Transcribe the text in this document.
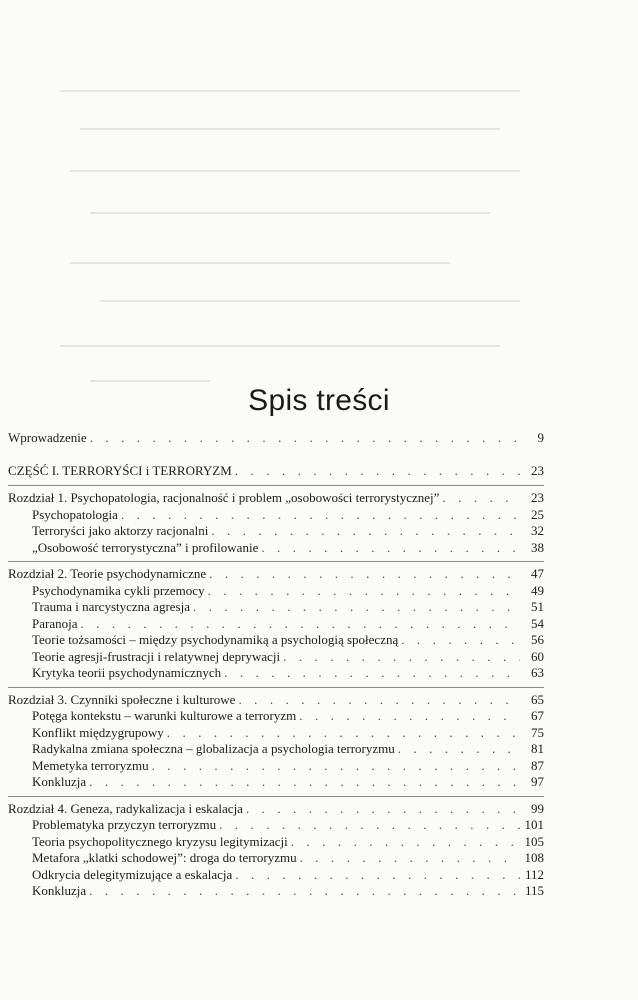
Spis treści
Wprowadzenie . . .	9
CZĘŚĆ I. TERRORYŚCI i TERRORYZM . . .	23
Rozdział 1. Psychopatologia, racjonalność i problem „osobowości terrorystycznej” . . .	23
Psychopatologia . . .	25
Terroryści jako aktorzy racjonalni . . .	32
„Osobowość terrorystyczna” i profilowanie . . .	38
Rozdział 2. Teorie psychodynamiczne . . .	47
Psychodynamika cykli przemocy . . .	49
Trauma i narcystyczna agresja . . .	51
Paranoja . . .	54
Teorie tożsamości – między psychodynamiką a psychologią społeczną . . .	56
Teorie agresji-frustracji i relatywnej deprywacji . . .	60
Krytyka teorii psychodynamicznych . . .	63
Rozdział 3. Czynniki społeczne i kulturowe . . .	65
Potęga kontekstu – warunki kulturowe a terroryzm . . .	67
Konflikt międzygrupowy . . .	75
Radykalna zmiana społeczna – globalizacja a psychologia terroryzmu . . .	81
Memetyka terroryzmu . . .	87
Konkluzja . . .	97
Rozdział 4. Geneza, radykalizacja i eskalacja . . .	99
Problematyka przyczyn terroryzmu . . .	101
Teoria psychopolitycznego kryzysu legitymizacji . . .	105
Metafora „klatki schodowej”: droga do terroryzmu . . .	108
Odkrycia delegitymizujące a eskalacja . . .	112
Konkluzja . . .	115
